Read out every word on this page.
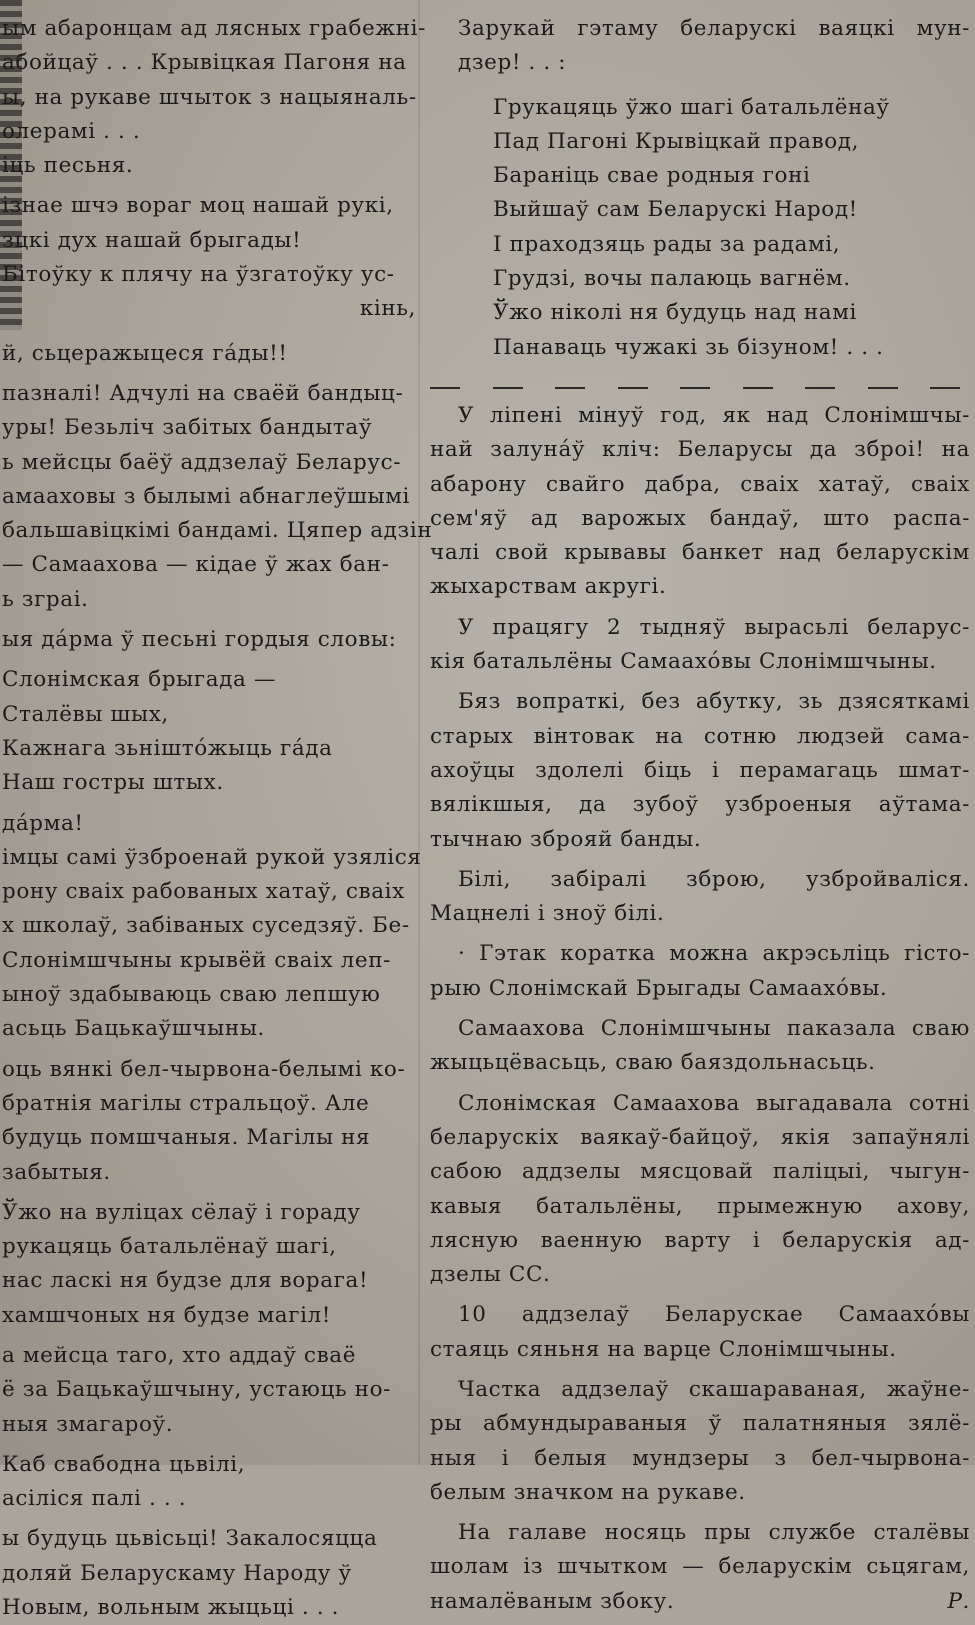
ым абаронцам ад лясных грабежні-

абойцаў . . . Крывіцкая Пагоня на

ы, на рукаве шчыток з нацыяналь-

олерамі . . .

іць песьня.

ізнае шчэ вораг моц нашай рукі,

зцкі дух нашай брыгады!

Бітоўку к плячу на ўзгатоўку ус-

кінь,

й, сьцеражыцеся гáды!!

пазналі! Адчулі на сваёй бандыц-

уры! Безьліч забітых бандытаў

ь мейсцы баёў аддзелаў Беларус-

амааховы з былымі абнаглеўшымі

бальшавіцкімі бандамі. Цяпер адзін

— Самаахова — кідае ў жах бан-

ь зграі.

ыя дáрма ў песьні гордыя словы:

Слонімская брыгада —

Сталёвы шых,

Кажнага зьнішто́жыць гáда

Наш гостры штых.

дáрма!

імцы самі ўзброенай рукой узяліся

рону сваіх рабованых хатаў, сваіх

х школаў, забіваных суседзяў. Бе-

Слонімшчыны крывёй сваіх леп-

ыноў здабываюць сваю лепшую

асьць Бацькаўшчыны.

оць вянкі бел-чырвона-белымі ко-

братнія магілы стральцоў. Але

будуць помшчаныя. Магілы ня

забытыя.

Ўжо на вуліцах сёлаў і гораду

рукацяць батальлёнаў шагі,

нас ласкі ня будзе для ворага!

хамшчоных ня будзе магіл!

а мейсца таго, хто аддаў сваё

ё за Бацькаўшчыну, устаюць но-

ныя змагароў.

Каб свабодна цьвілі,

асіліся палі . . .

ы будуць цьвісьці! Закалосяцца

доляй Беларускаму Народу ў

Новым, вольным жыцьці . . .

Зарукай гэтаму беларускі ваяцкі мун-

дзер! . . :

Грукацяць ўжо шагі батальлёнаў

Пад Пагоні Крывіцкай правод,

Бараніць свае родныя гоні

Выйшаў сам Беларускі Народ!

І праходзяць рады за радамі,

Грудзі, вочы палаюць вагнём.

Ўжо ніколі ня будуць над намі

Панаваць чужакі зь бізуном! . . .

У ліпені мінуў год, як над Слонімшчы-

най залунáў кліч: Беларусы да зброі! на

абарону свайго дабра, сваіх хатаў, сваіх

сем'яў ад варожых бандаў, што распа-

чалі свой крывавы банкет над беларускім

жыхарствам акругі.

У працягу 2 тыдняў вырасьлі беларус-

кія батальлёны Самаахо́вы Слонімшчыны.

Бяз вопраткі, без абутку, зь дзясяткамі

старых вінтовак на сотню людзей сама-

ахоўцы здолелі біць і перамагаць шмат-

вялікшыя, да зубоў узброеныя аўтама-

тычнаю зброяй банды.

Білі, забіралі зброю, узбройваліся.

Мацнелі і зноў білі.

· Гэтак коратка можна акрэсьліць гісто-

рыю Слонімскай Брыгады Самаахо́вы.

Самаахова Слонімшчыны паказала сваю

жыцьцёвасьць, сваю баяздольнасьць.

Слонімская Самаахова выгадавала сотні

беларускіх ваякаў-байцоў, якія запаўнялі

сабою аддзелы мясцовай паліцыі, чыгун-

кавыя батальлёны, прымежную ахову,

лясную ваенную варту і беларускія ад-

дзелы СС.

10 аддзелаў Беларускае Самаахо́вы

стаяць сяньня на варце Слонімшчыны.

Частка аддзелаў скашараваная, жаўне-

ры абмундыраваныя ў палатняныя зялё-

ныя і белыя мундзеры з бел-чырвона-

белым значком на рукаве.

На галаве носяць пры службе сталёвы

шолам із шчытком — беларускім сьцягам,

намалёваным збоку.	Р.
